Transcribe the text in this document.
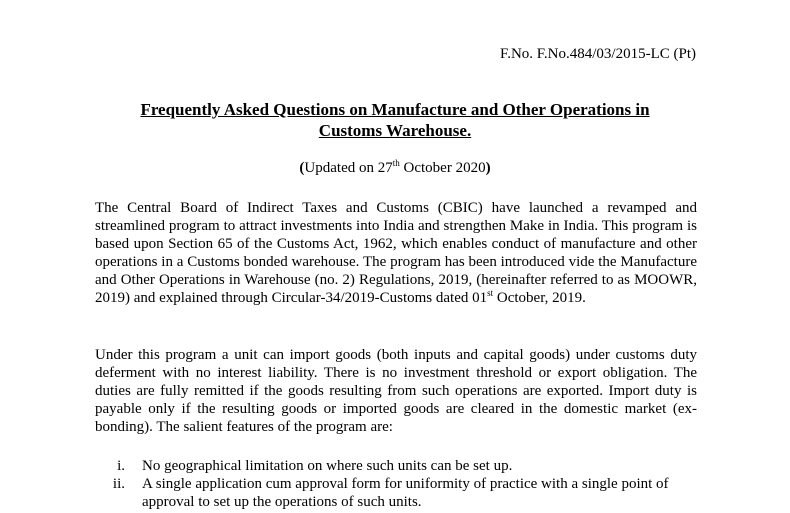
F.No. F.No.484/03/2015-LC (Pt)
Frequently Asked Questions on Manufacture and Other Operations in
Customs Warehouse.
(Updated on 27th October 2020)

The Central Board of Indirect Taxes and Customs (CBIC) have launched a revamped and streamlined program to attract investments into India and strengthen Make in India. This program is based upon Section 65 of the Customs Act, 1962, which enables conduct of manufacture and other operations in a Customs bonded warehouse. The program has been introduced vide the Manufacture and Other Operations in Warehouse (no. 2) Regulations, 2019, (hereinafter referred to as MOOWR, 2019) and explained through Circular-34/2019-Customs dated 01st October, 2019.

Under this program a unit can import goods (both inputs and capital goods) under customs duty deferment with no interest liability. There is no investment threshold or export obligation. The duties are fully remitted if the goods resulting from such operations are exported. Import duty is payable only if the resulting goods or imported goods are cleared in the domestic market (ex-bonding). The salient features of the program are:

i.	No geographical limitation on where such units can be set up.
ii.	A single application cum approval form for uniformity of practice with a single point of approval to set up the operations of such units.
